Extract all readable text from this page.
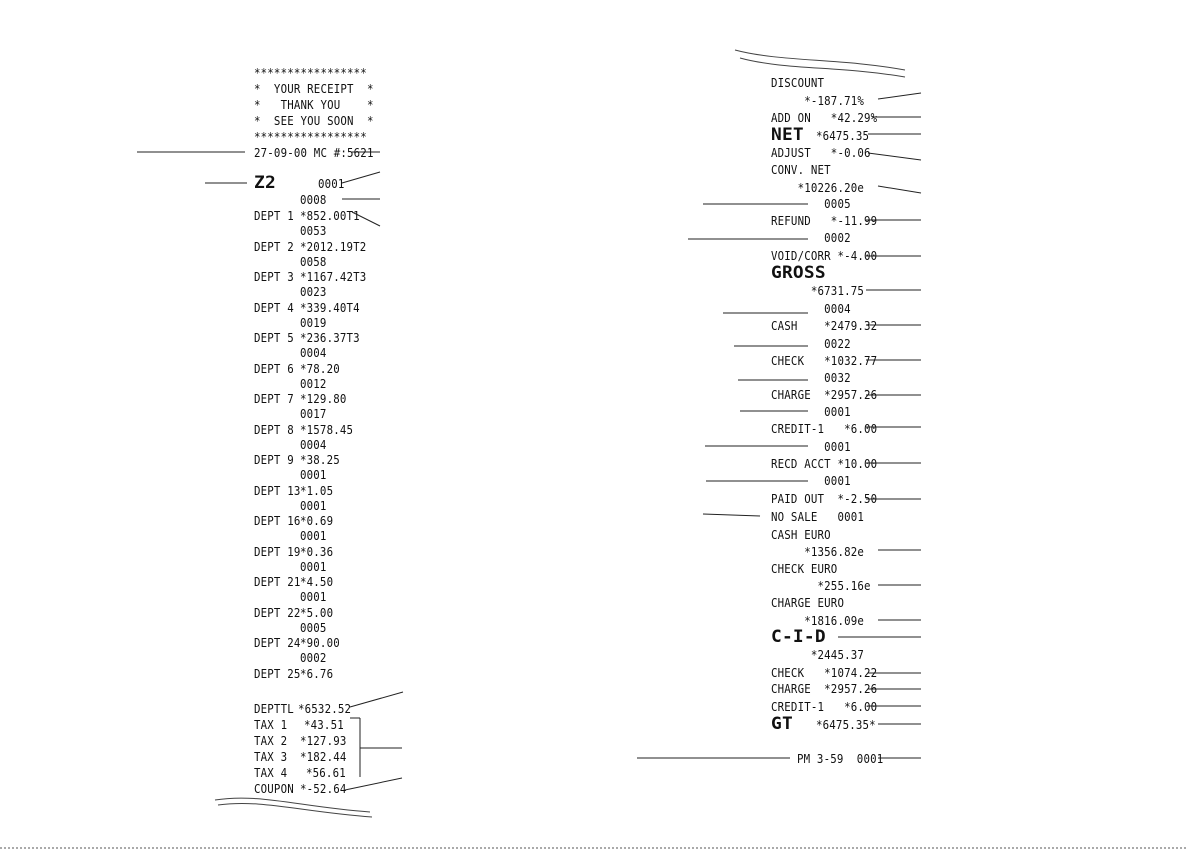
*****************
*  YOUR RECEIPT  *
*   THANK YOU    *
*  SEE YOU SOON  *
*****************
27-09-00 MC #:5621
Z2	0001
0008
DEPT 1 *852.00T1
0053
DEPT 2 *2012.19T2
0058
DEPT 3 *1167.42T3
0023
DEPT 4 *339.40T4
0019
DEPT 5 *236.37T3
0004
DEPT 6 *78.20
0012
DEPT 7 *129.80
0017
DEPT 8 *1578.45
0004
DEPT 9 *38.25
0001
DEPT 13 *1.05
0001
DEPT 16 *0.69
0001
DEPT 19 *0.36
0001
DEPT 21 *4.50
0001
DEPT 22 *5.00
0005
DEPT 24 *90.00
0002
DEPT 25 *6.76
DEPTTL *6532.52
TAX 1 *43.51
TAX 2 *127.93
TAX 3 *182.44
TAX 4 *56.61
COUPON *-52.64
DISCOUNT
*-187.71%
ADD ON   *42.29%
NET *6475.35
ADJUST   *-0.06
CONV. NET
*10226.20e
0005
REFUND   *-11.99
0002
VOID/CORR *-4.00
GROSS
*6731.75
0004
CASH    *2479.32
0022
CHECK   *1032.77
0032
CHARGE  *2957.26
0001
CREDIT-1   *6.00
0001
RECD ACCT *10.00
0001
PAID OUT  *-2.50
NO SALE   0001
CASH EURO
*1356.82e
CHECK EURO
*255.16e
CHARGE EURO
*1816.09e
C-I-D
*2445.37
CHECK   *1074.22
CHARGE  *2957.26
CREDIT-1   *6.00
GT *6475.35*
PM 3-59  0001
